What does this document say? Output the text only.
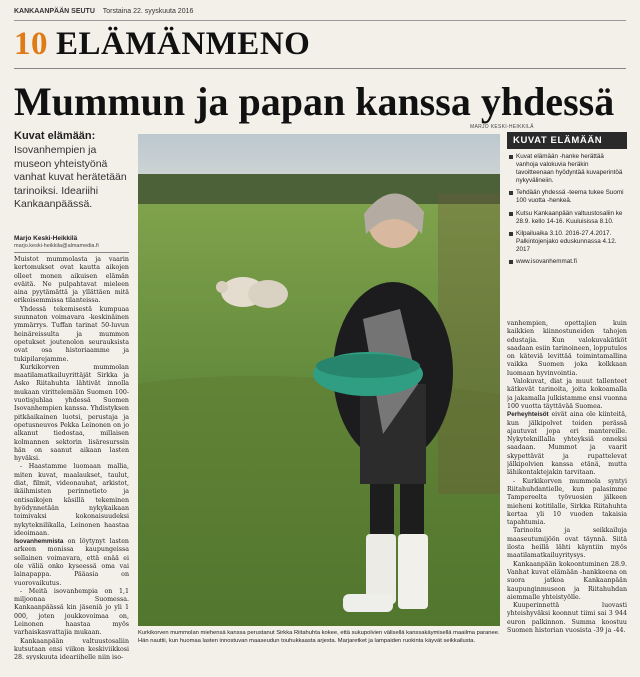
KANKAANPÄÄN SEUTU Torstaina 22. syyskuuta 2016
10 ELÄMÄNMENO
Mummun ja papan kanssa yhdessä
MARJO KESKI-HEIKKILÄ
Kuvat elämään:
Isovanhempien ja museon yhteistyönä vanhat kuvat herätetään tarinoiksi. Ideariihi Kankaanpäässä.
Marjo Keski-Heikkilä
marjo.keski-heikkila@almamedia.fi

Muistot mummolasta ja vaarin kertomukset ovat kautta aikojen olleet monen aikuisen elämän eväitä. Ne pulpahtavat mieleen aina pyytämättä ja yllättäen mitä erikoisemmissa tilanteissa.

Yhdessä tekemisestä kumpuaa suunnaton voimavara -keskinäinen ymmärrys. Tuffan tarinat 50-luvun heinäreissulta ja mummon opetukset joutenolon seurauksista ovat osa historiaamme ja tukipilarejamme.

Kurkikorven mummolan maatilamatkailuyrittäjät Sirkka ja Asko Riitahuhta lähtivät innolla mukaan virittelemään Suomen 100-vuotisjuhlaa yhdessä Suomen Isovanhempien kanssa. Yhdistyksen pitkäaikainen luotsi, perustaja ja opetusneuvos Pekka Leinonen on jo alkanut tiedostaa, millaisen kolmannen sektorin lisäresurssin hän on saanut aikaan lasten hyväksi.

- Haastamme luomaan mallia, miten kuvat, maalaukset, taulut, diat, filmit, videonauhat, arkistot, ikäihmisten perinnetieto ja entisaikojen käsillä tekeminen hyödynnetään nykykaikaan toimivaksi kokonaisuudeksi nykyteknilikalla, Leinonen haastaa ideoimaan.

Isovanhemmista on löytynyt lasten arkeen monissa kaupungeissa sellainen voimavara, että enää ei ole väliä onko kyseessä oma vai lainapappa. Pääasia on vuorovaikutus.

- Meitä isovanhempia on 1,1 miljoonaa Suomessa. Kankaanpäässä kin jäseniä jo yli 1 000, joten joukkovoimaa on, Leinonen haastaa myös varhaiskasvattajia mukaan.

Kankaanpään valtuustosaliin kutsutaan ensi viikon keskiviikkosi 28. syyskuuta ideariihelle niin iso-

Kurkikorven mummolan miehensä kanssa perustanut Sirkka Riitahuhta kokee, että sukupolvien välisellä kanssakäymisellä maailma paranee. Hän nauttii, kun huomaa lasten innostuvan maaseudun touhukkaasta arjesta. Marjaretket ja lampaiden ruokinta käyvät seikkailusta.
KUVAT ELÄMÄÄN
Kuvat elämään -hanke herättää vanhoja valokuvia heräkin tavoitteenaan hyödyntää kuvaperintöä nykyvälineiin.
Tehdään yhdessä -teema tukee Suomi 100 vuotta -henkeä.
Kutsu Kankaanpään valtuustosaliin ke 28.9. kello 14-16. Kuuluisissa 8.10.
Kilpailuaika 3.10. 2016-27.4.2017. Palkintojenjako eduskunnassa 4.12. 2017
www.isovanhemmat.fi

vanhempien, opettajien kuin kaikkien kiinnostuneiden tahojen edustajia. Kun valokuvakätköt saadaan esiin tarinoineen, lopputulos on käteviä levittää toimintamallina vaikka Suomen joka kolkkaan luomaan hyvinvointia.

Valokuvat, diat ja muut tallenteet kätkevät tarinoita, joita kokoamalla ja jakamalla julkistamme ensi vuonna 100 vuotta täyttävää Suomea.

Perheyhteisöt eivät aina ole kiinteitä, kun jälkipolvet toiden perässä ajautuvat jopa eri mantereille. Nykyteknillalla yhteyksiä onneksi saadaan. Mummot ja vaarit skypettävät ja rupattelevat jälkipolvien kanssa etänä, mutta lähikontaktejakin tarvitaan.

- Kurkikorven mummola syntyi Riitahuhdantielle, kun palasimme Tampereelta työvuosien jälkeen mieheni kotitilalle, Sirkka Riitahuhta kertaa yli 10 vuoden takaisia tapahtumia.

Tarinoita ja seikkailuja maaseutumijöön ovat täynnä. Siitä ilosta heillä lähti käyntiin myös maatilamatkailuyritysys.

Kankaanpään kokoontuminen 28.9. Vanhat kuvat elämään -hankkeena on suora jatkoa Kankaanpään kaupunginmuseon ja Riitahuhdan aiemmalle yhteistyölle.

Kuuperinnettä luovasti yhteishyväksi koonnut tiimi sai 3 944 euron palkinnon. Summa koostuu Suomen historian vuosista -39 ja -44.
